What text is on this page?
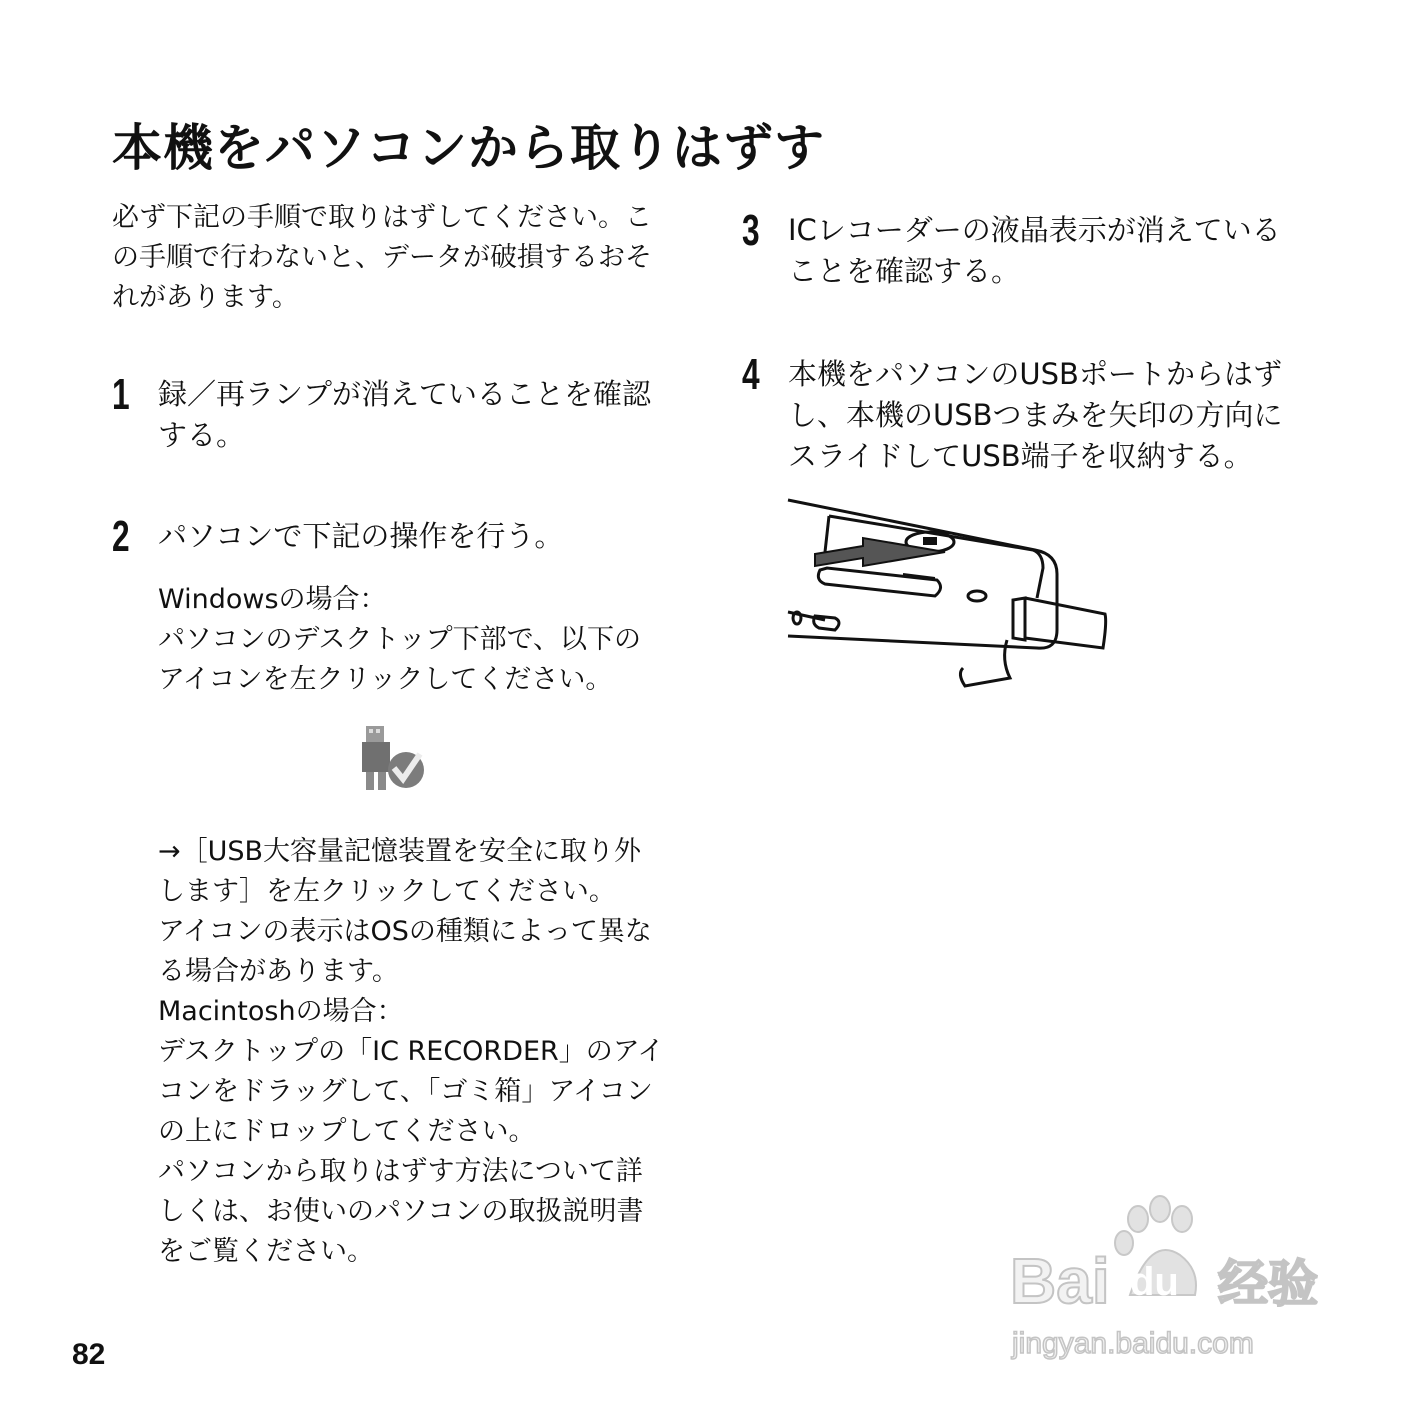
本機をパソコンから取りはずす
必ず下記の手順で取りはずしてください。こ
の手順で行わないと、データが破損するおそ
れがあります。
1 録／再ランプが消えていることを確認
する。
2 パソコンで下記の操作を行う。
Windowsの場合：
パソコンのデスクトップ下部で、以下の
アイコンを左クリックしてください。
→［USB大容量記憶装置を安全に取り外
します］を左クリックしてください。
アイコンの表示はOSの種類によって異な
る場合があります。
Macintoshの場合：
デスクトップの「IC RECORDER」のアイ
コンをドラッグして、「ゴミ箱」アイコン
の上にドロップしてください。
パソコンから取りはずす方法について詳
しくは、お使いのパソコンの取扱説明書
をご覧ください。
3 ICレコーダーの液晶表示が消えている
ことを確認する。
4 本機をパソコンのUSBポートからはず
し、本機のUSBつまみを矢印の方向に
スライドしてUSB端子を収納する。
82
Bai du 经验
jingyan.baidu.com
